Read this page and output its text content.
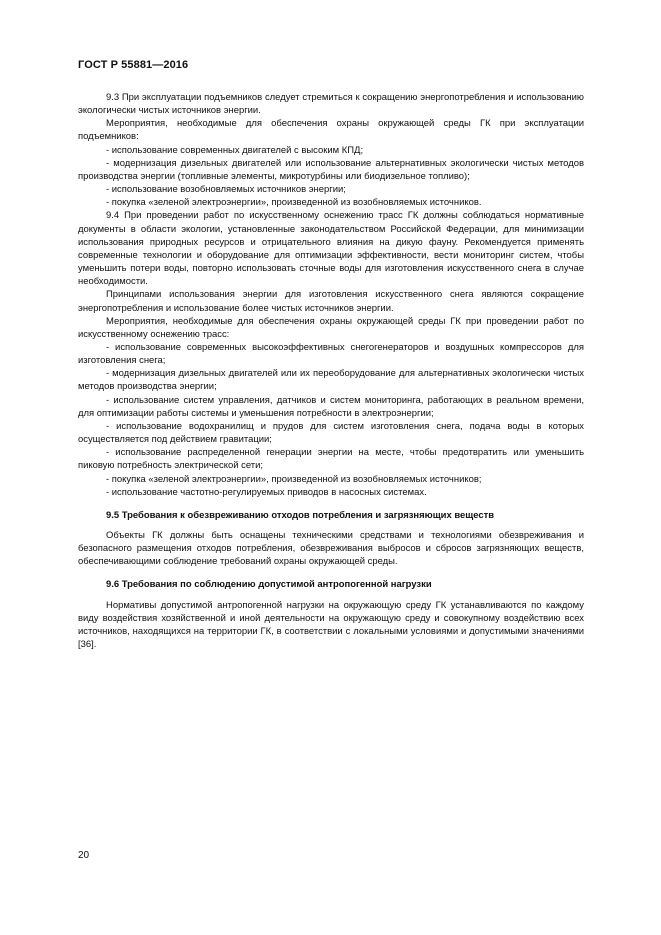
ГОСТ Р 55881—2016

9.3 При эксплуатации подъемников следует стремиться к сокращению энергопотребления и использованию экологически чистых источников энергии.

Мероприятия, необходимые для обеспечения охраны окружающей среды ГК при эксплуатации подъемников:

- использование современных двигателей с высоким КПД;

- модернизация дизельных двигателей или использование альтернативных экологически чистых методов производства энергии (топливные элементы, микротурбины или биодизельное топливо);

- использование возобновляемых источников энергии;

- покупка «зеленой электроэнергии», произведенной из возобновляемых источников.

9.4 При проведении работ по искусственному оснежению трасс ГК должны соблюдаться нормативные документы в области экологии, установленные законодательством Российской Федерации, для минимизации использования природных ресурсов и отрицательного влияния на дикую фауну. Рекомендуется применять современные технологии и оборудование для оптимизации эффективности, вести мониторинг систем, чтобы уменьшить потери воды, повторно использовать сточные воды для изготовления искусственного снега в случае необходимости.

Принципами использования энергии для изготовления искусственного снега являются сокращение энергопотребления и использование более чистых источников энергии.

Мероприятия, необходимые для обеспечения охраны окружающей среды ГК при проведении работ по искусственному оснежению трасс:

- использование современных высокоэффективных снегогенераторов и воздушных компрессоров для изготовления снега;

- модернизация дизельных двигателей или их переоборудование для альтернативных экологически чистых методов производства энергии;

- использование систем управления, датчиков и систем мониторинга, работающих в реальном времени, для оптимизации работы системы и уменьшения потребности в электроэнергии;

- использование водохранилищ и прудов для систем изготовления снега, подача воды в которых осуществляется под действием гравитации;

- использование распределенной генерации энергии на месте, чтобы предотвратить или уменьшить пиковую потребность электрической сети;

- покупка «зеленой электроэнергии», произведенной из возобновляемых источников;

- использование частотно-регулируемых приводов в насосных системах.

9.5 Требования к обезвреживанию отходов потребления и загрязняющих веществ

Объекты ГК должны быть оснащены техническими средствами и технологиями обезвреживания и безопасного размещения отходов потребления, обезвреживания выбросов и сбросов загрязняющих веществ, обеспечивающими соблюдение требований охраны окружающей среды.

9.6 Требования по соблюдению допустимой антропогенной нагрузки

Нормативы допустимой антропогенной нагрузки на окружающую среду ГК устанавливаются по каждому виду воздействия хозяйственной и иной деятельности на окружающую среду и совокупному воздействию всех источников, находящихся на территории ГК, в соответствии с локальными условиями и допустимыми значениями [36].

20
